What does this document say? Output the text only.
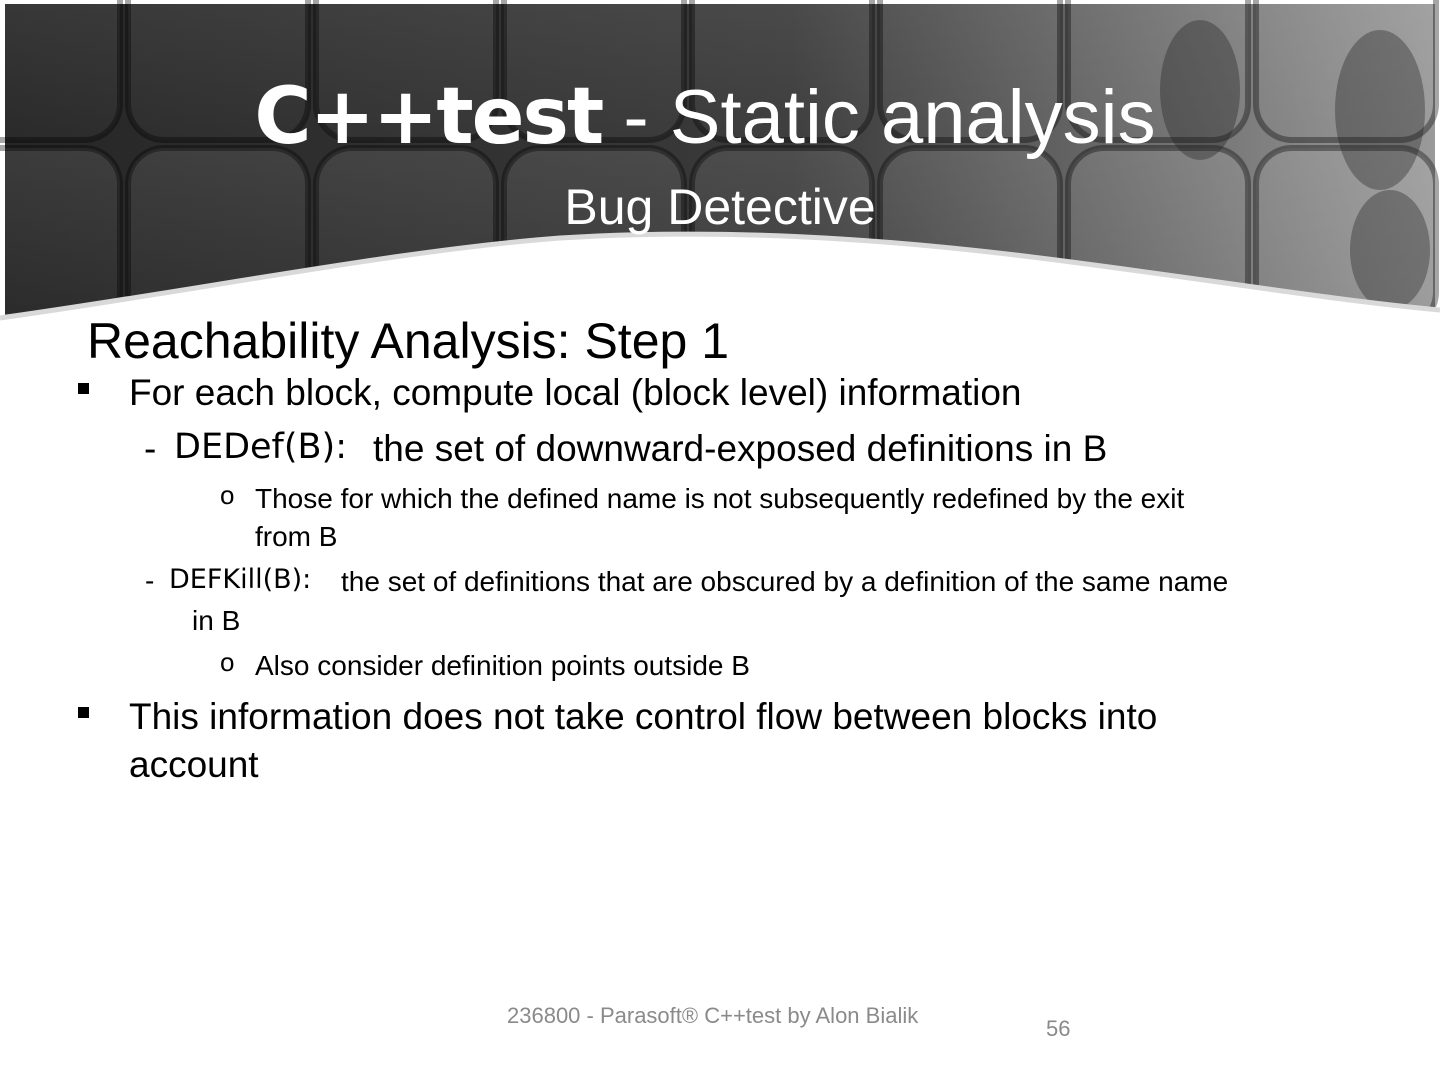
C++test - Static analysis
Bug Detective
Reachability Analysis: Step 1
For each block, compute local (block level) information
- DEDef(B): the set of downward-exposed definitions in B
o Those for which the defined name is not subsequently redefined by the exit
from B
- DEFKill(B): the set of definitions that are obscured by a definition of the same name
in B
o Also consider definition points outside B
This information does not take control flow between blocks into
account
236800 - Parasoft® C++test by Alon Bialik
56
